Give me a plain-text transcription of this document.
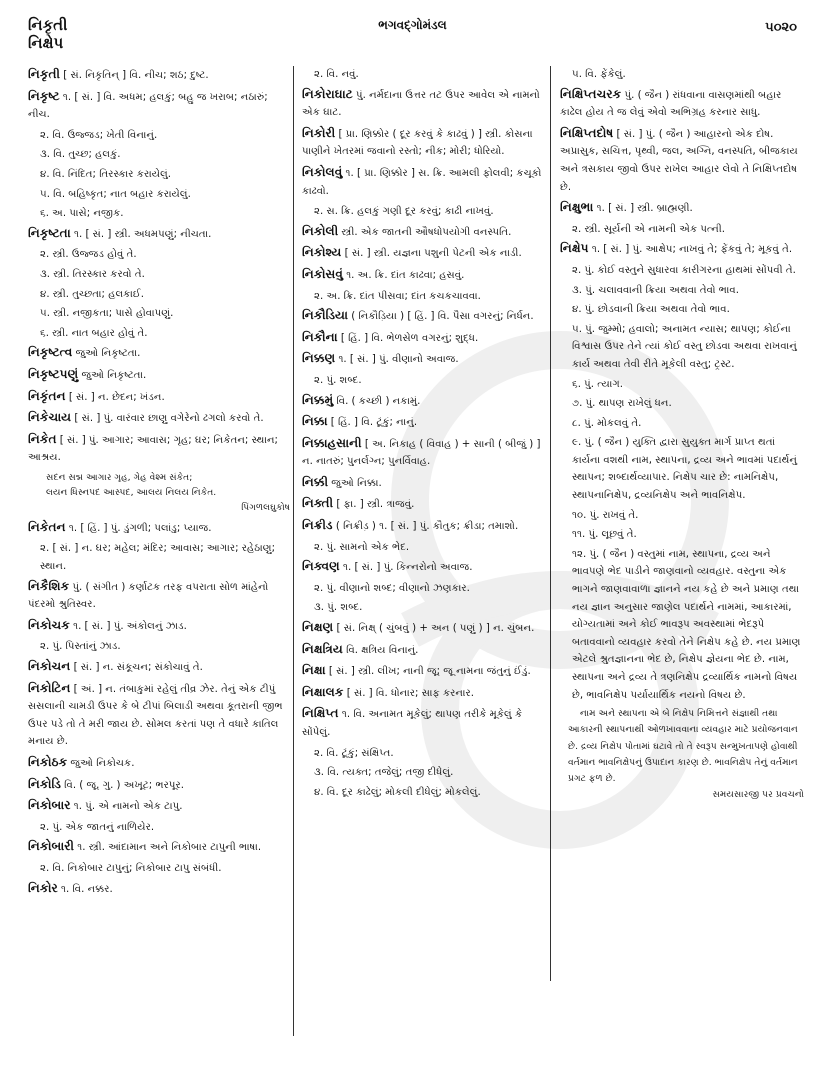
નિકૃતી
નિક્ષેપ
ભગવદ્‌ગોમંડલ	૫૦૨૦
નિકૃતી [ સં. નિકૃતિન્ ] વિ. નીચ; શઠ; દુષ્ટ.
નિકૃષ્ટ ૧. [ સં. ] વિ. અધમ; હલકું; બહુ જ ખરાબ; નઠારું; નીચ.
૨. વિ. ઉજ્જડ; ખેતી વિનાનું.
૩. વિ. તુચ્છ; હલકું.
૪. વિ. નિંદિત; તિરસ્કાર કરાયેલું.
૫. વિ. બહિષ્કૃત; નાત બહાર કરાયેલું.
૬. અ. પાસે; નજીક.
નિકૃષ્ટતા ૧. [ સં. ] સ્ત્રી. અધમપણું; નીચતા.
૨. સ્ત્રી. ઉજ્જડ હોવું તે.
૩. સ્ત્રી. તિરસ્કાર કરવો તે.
૪. સ્ત્રી. તુચ્છતા; હલકાઈ.
૫. સ્ત્રી. નજીકતા; પાસે હોવાપણું.
૬. સ્ત્રી. નાત બહાર હોવું તે.
નિકૃષ્ટત્વ જુઓ નિકૃષ્ટતા.
નિકૃષ્ટપણું જુઓ નિકૃષ્ટતા.
નિકૃંતન [ સં. ] ન. છેદન; ખંડન.
નિકેચાય [ સં. ] પું. વારંવાર છાણુ વગેરેનો ઢગલો કરવો તે.
નિકેત [ સં. ] પું. આગાર; આવાસ; ગૃહ; ઘર; નિકેતન; સ્થાન; આશ્રય.
સદન સદ્મ આગાર ગૃહ, ગેહ વેશ્મ સંકેત;
લયન ધિસ્નપદ આસ્પદ, આલય નિલય નિકેત.
પિંગળલઘુકોષ
નિકેતન ૧. [ હિં. ] પું. ડુંગળી; પલાંડુ; પ્યાજ.
૨. [ સં. ] ન. ઘર; મહેલ; મંદિર; આવાસ; આગાર; રહેઠાણુ; સ્થાન.
નિકૈશિક પું. ( સંગીત ) કર્ણાટક તરફ વપરાતા સોળ માંહેનો પંદરમો શ્રુતિસ્વર.
નિકોચક ૧. [ સં. ] પું. અંકોલનું ઝાડ.
૨. પું. પિસ્તાંનું ઝાડ.
નિકોચન [ સં. ] ન. સંકૂચન; સંકોચાવું તે.
નિકોટિન [ અં. ] ન. તંબાકુમાં રહેલું તીવ્ર ઝેર. તેનું એક ટીપું સસલાની ચામડી ઉપર કે બે ટીપાં બિલાડી અથવા કૂતરાની જીભ ઉપર પડે તો તે મરી જાય છે. સોમલ કરતાં પણ તે વધારે કાતિલ મનાય છે.
નિકોઠક જુઓ નિકોચક.
નિકોડિ વિ. ( જૂ. ગુ. ) અખૂટ; ભરપૂર.
નિકોબાર ૧. પું. એ નામનો એક ટાપુ.
૨. પું. એક જાતનું નાળિયેર.
નિકોબારી ૧. સ્ત્રી. આંદામાન અને નિકોબાર ટાપુની ભાષા.
૨. વિ. નિકોબાર ટાપુનું; નિકોબાર ટાપુ સંબંધી.
નિકોર ૧. વિ. નક્કર.
૨. વિ. નવું.
નિકોરાઘાટ પું. નર્મદાના ઉત્તર તટ ઉપર આવેલ એ નામનો એક ઘાટ.
નિકોરી [ પ્રા. ણિક્કોર ( દૂર કરવું કે કાઢવું ) ] સ્ત્રી. કોસના પાણીને ખેતરમાં જવાનો રસ્તો; નીક; મોરી; ધોરિયો.
નિકોલવું ૧. [ પ્રા. ણિક્કોર ] સ. ક્રિ. આમલી ફોલવી; કચૂકો કાઢવો.
૨. સ. ક્રિ. હલકું ગણી દૂર કરવું; કાઢી નાખવું.
નિકોલી સ્ત્રી. એક જાતની ઔષધોપયોગી વનસ્પતિ.
નિકોશ્ય [ સં. ] સ્ત્રી. યજ્ઞના પશુની પેટની એક નાડી.
નિકોસવું ૧. અ. ક્રિ. દાંત કાઢવા; હસવું.
૨. અ. ક્રિ. દાંત પીસવા; દાંત કચકચાવવા.
નિકૌડિયા ( નિકૌડ઼િયા ) [ હિં. ] વિ. પૈસા વગરનું; નિર્ધન.
નિકૌના [ હિં. ] વિ. ભેળસેળ વગરનું; શુદ્ધ.
નિક્કણ ૧. [ સં. ] પું. વીણાનો અવાજ.
૨. પું. શબ્દ.
નિક્કમું વિ. ( કચ્છી ) નકામું.
નિક્કા [ હિં. ] વિ. ટૂંકું; નાનું.
નિક્કાહસાની [ અ. નિકાહ ( વિવાહ ) + સાની ( બીજું ) ] ન. નાતરું; પુનર્લગ્ન; પુનર્વિવાહ.
નિક્કી જુઓ નિક્કા.
નિક્તી [ ફા. ] સ્ત્રી. ત્રાજવું.
નિક્રીડ ( નિક્રીડ઼ ) ૧. [ સં. ] પું. કૌતુક; ક્રીડા; તમાશો.
૨. પું. સામનો એક ભેદ.
નિક્વણ ૧. [ સં. ] પું. કિન્નરોનો અવાજ.
૨. પું. વીણાનો શબ્દ; વીણાનો ઝણકાર.
૩. પું. શબ્દ.
નિક્ષણ [ સં. નિક્ષ્ ( ચુંબવું ) + અન ( પણું ) ] ન. ચુંબન.
નિક્ષત્રિય વિ. ક્ષત્રિય વિનાનું.
નિક્ષા [ સં. ] સ્ત્રી. લીખ; નાની જૂ; જૂ નામના જંતુનું ઈંડું.
નિક્ષાલક [ સં. ] વિ. ધોનાર; સાફ કરનાર.
નિક્ષિપ્ત ૧. વિ. અનામત મૂકેલું; થાપણ તરીકે મૂકેલું કે સોંપેલું.
૨. વિ. ટૂંકું; સંક્ષિપ્ત.
૩. વિ. ત્યક્ત; તજેલું; તજી દીધેલું.
૪. વિ. દૂર કાઢેલું; મોકલી દીધેલું; મોકલેલું.
૫. વિ. ફેંકેલું.
નિક્ષિપ્તચરક પું. ( જૈન ) રાંધવાના વાસણમાંથી બહાર કાઢેલ હોય તે જ લેવું એવો અભિગ્રહ કરનાર સાધુ.
નિક્ષિપ્તદોષ [ સં. ] પું. ( જૈન ) આહારનો એક દોષ. અપ્રાસુક, સચિત્ત, પૃથ્વી, જલ, અગ્નિ, વનસ્પતિ, બીજકાય અને ત્રસકાય જીવો ઉપર રાખેલ આહાર લેવો તે નિક્ષિપ્તદોષ છે.
નિક્ષુભા ૧. [ સં. ] સ્ત્રી. બ્રાહ્મણી.
૨. સ્ત્રી. સૂર્યની એ નામની એક પત્ની.
નિક્ષેપ ૧. [ સં. ] પું. આક્ષેપ; નાખવું તે; ફેંકવું તે; મૂકવું તે.
૨. પું. કોઈ વસ્તુને સુધારવા કારીગરના હાથમાં સોંપવી તે.
૩. પું. ચલાવવાની ક્રિયા અથવા તેવો ભાવ.
૪. પું. છોડવાની ક્રિયા અથવા તેવો ભાવ.
૫. પું. જુમ્મો; હવાલો; અનામત ન્યાસ; થાપણ; કોઈના વિશ્વાસ ઉપર તેને ત્યાં કોઈ વસ્તુ છોડવા અથવા રાખવાનું કાર્ય અથવા તેવી રીતે મૂકેલી વસ્તુ; ટ્રસ્ટ.
૬. પું. ત્યાગ.
૭. પું. થાપણ રાખેલું ધન.
૮. પું. મોકલવું તે.
૯. પું. ( જૈન ) યુક્તિ દ્વારા સુયુક્ત માર્ગ પ્રાપ્ત થતાં કાર્યના વશથી નામ, સ્થાપના, દ્રવ્ય અને ભાવમાં પદાર્થનું સ્થાપન; શબ્દાર્થવ્યાપાર. નિક્ષેપ ચાર છે: નામનિક્ષેપ, સ્થાપનાનિક્ષેપ, દ્રવ્યનિક્ષેપ અને ભાવનિક્ષેપ.
૧૦. પું. રાખવું તે.
૧૧. પું. લૂછવું તે.
૧૨. પું. ( જૈન ) વસ્તુમાં નામ, સ્થાપના, દ્રવ્ય અને ભાવપણે ભેદ પાડીને જાણવાનો વ્યવહાર. વસ્તુના એક ભાગને જાણવાવાળા જ્ઞાનને નય કહે છે અને પ્રમાણ તથા નય જ્ઞાન અનુસાર જાણેલ પદાર્થને નામમાં, આકારમાં, યોગ્યતામાં અને કોઈ ભાવરૂપ અવસ્થામાં ભેદરૂપે બતાવવાનો વ્યવહાર કરવો તેને નિક્ષેપ કહે છે. નય પ્રમાણ એટલે શ્રુતજ્ઞાનના ભેદ છે, નિક્ષેપ જ્ઞેયના ભેદ છે. નામ, સ્થાપના અને દ્રવ્ય તે ત્રણનિક્ષેપ દ્રવ્યાર્થિક નામનો વિષય છે, ભાવનિક્ષેપ પર્યાયાર્થિક નયનો વિષય છે.
નામ અને સ્થાપના એ બે નિક્ષેપ નિમિત્તને સંજ્ઞાથી તથા આકારની સ્થાપનાથી ઓળખાવવાના વ્યવહાર માટે પ્રયોજનવાન છે. દ્રવ્ય નિક્ષેપ પોતામાં ઘટાવે તો તે સ્વરૂપ સન્મુખતાપણે હોવાથી વર્તમાન ભાવનિક્ષેપનું ઉપાદાન કારણ છે. ભાવનિક્ષેપ તેનું વર્તમાન પ્રગટ ફળ છે.
સમયસારજી પર પ્રવચનો
